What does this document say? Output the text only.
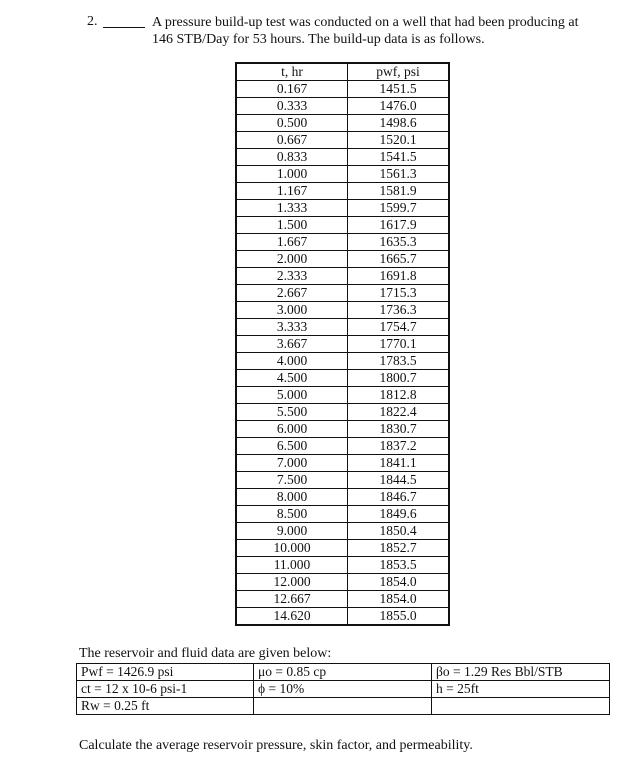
2.	A pressure build-up test was conducted on a well that had been producing at
146 STB/Day for 53 hours. The build-up data is as follows.
t, hr	pwf, psi
0.167	1451.5
0.333	1476.0
0.500	1498.6
0.667	1520.1
0.833	1541.5
1.000	1561.3
1.167	1581.9
1.333	1599.7
1.500	1617.9
1.667	1635.3
2.000	1665.7
2.333	1691.8
2.667	1715.3
3.000	1736.3
3.333	1754.7
3.667	1770.1
4.000	1783.5
4.500	1800.7
5.000	1812.8
5.500	1822.4
6.000	1830.7
6.500	1837.2
7.000	1841.1
7.500	1844.5
8.000	1846.7
8.500	1849.6
9.000	1850.4
10.000	1852.7
11.000	1853.5
12.000	1854.0
12.667	1854.0
14.620	1855.0
The reservoir and fluid data are given below:
Pwf = 1426.9 psi	μo = 0.85 cp	βo = 1.29 Res Bbl/STB
ct = 12 x 10-6 psi-1	ϕ = 10%	h = 25ft
Rw = 0.25 ft		
Calculate the average reservoir pressure, skin factor, and permeability.
